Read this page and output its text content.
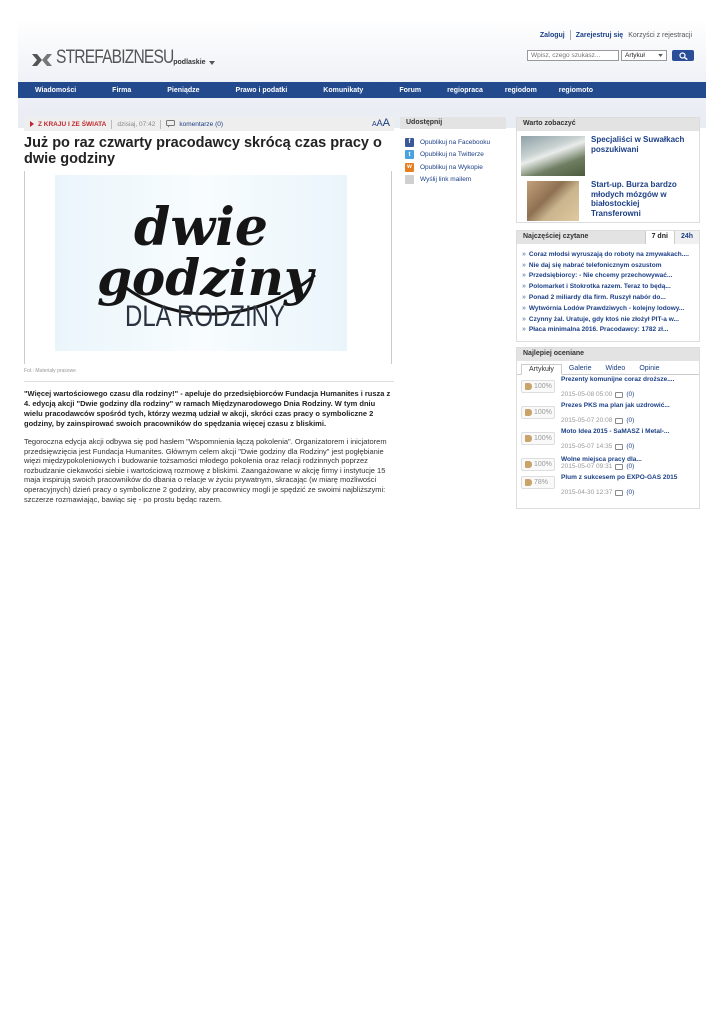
Zaloguj Zarejestruj się Korzyści z rejestracji
STREFABIZNESU podlaskie
Wpisz, czego szukasz...
Artykuł
Wiadomości	Firma	Pieniądze	Prawo i podatki	Komunikaty	Forum	regiopraca	regiodom	regiomoto
Z KRAJU I ZE ŚWIATA dzisiaj, 07:42	komentarze (0)	A A A
Już po raz czwarty pracodawcy skrócą czas pracy o dwie godziny
dwie
godziny
DLA RODZINY
Fot.: Materiały prasowe

"Więcej wartościowego czasu dla rodziny!" - apeluje do przedsiębiorców Fundacja Humanites i rusza z 4. edycją akcji "Dwie godziny dla rodziny" w ramach Międzynarodowego Dnia Rodziny. W tym dniu wielu pracodawców spośród tych, którzy wezmą udział w akcji, skróci czas pracy o symboliczne 2 godziny, by zainspirować swoich pracowników do spędzania więcej czasu z bliskimi.

Tegoroczna edycja akcji odbywa się pod hasłem "Wspomnienia łączą pokolenia". Organizatorem i inicjatorem przedsięwzięcia jest Fundacja Humanites. Głównym celem akcji "Dwie godziny dla Rodziny" jest pogłębianie więzi międzypokoleniowych i budowanie tożsamości młodego pokolenia oraz relacji rodzinnych poprzez rozbudzanie ciekawości siebie i wartościową rozmowę z bliskimi. Zaangażowane w akcję firmy i instytucje 15 maja inspirują swoich pracowników do dbania o relacje w życiu prywatnym, skracając (w miarę możliwości operacyjnych) dzień pracy o symboliczne 2 godziny, aby pracownicy mogli je spędzić ze swoimi najbliższymi: szczerze rozmawiając, bawiąc się - po prostu będąc razem.

Udostępnij
f	Opublikuj na Facebooku
t	Opublikuj na Twitterze
w	Opublikuj na Wykopie
Wyślij link mailem
Warto zobaczyć
Specjaliści w Suwałkach poszukiwani
Start-up. Burza bardzo młodych mózgów w białostockiej Transferowni
Najczęściej czytane	7 dni	24h
» Coraz młodsi wyruszają do roboty na zmywakach....
» Nie daj się nabrać telefonicznym oszustom
» Przedsiębiorcy: - Nie chcemy przechowywać...
» Polomarket i Stokrotka razem. Teraz to będą...
» Ponad 2 miliardy dla firm. Ruszył nabór do...
» Wytwórnia Lodów Prawdziwych - kolejny lodowy...
» Czynny żal. Uratuje, gdy ktoś nie złożył PIT-a w...
» Płaca minimalna 2016. Pracodawcy: 1782 zł...
Najlepiej oceniane
Artykuły	Galerie	Wideo	Opinie
100%
Prezenty komunijne coraz droższe....
2015-05-08 05:00 (0)
100%
Prezes PKS ma plan jak uzdrowić...
2015-05-07 20:08 (0)
100%
Moto Idea 2015 - SaMASZ i Metal-...
2015-05-07 14:35 (0)
100%
Wolne miejsca pracy dla...
2015-05-07 09:31 (0)
78%
Plum z sukcesem po EXPO-GAS 2015
2015-04-30 12:37 (0)
